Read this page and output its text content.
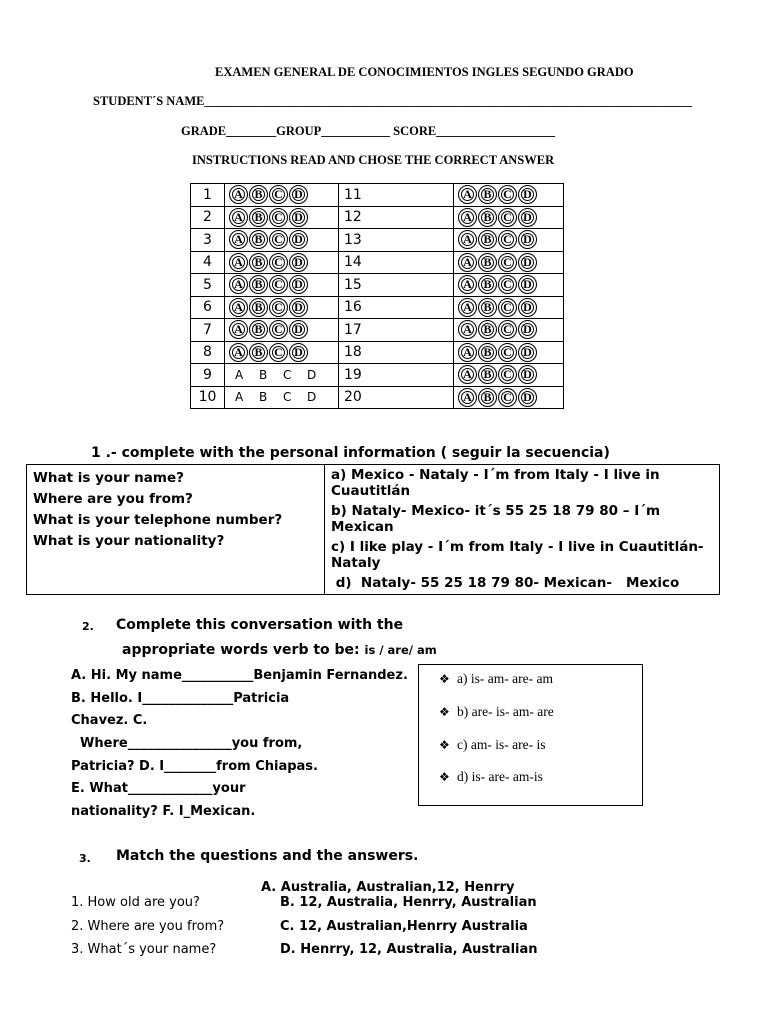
EXAMEN GENERAL DE CONOCIMIENTOS INGLES SEGUNDO GRADO
STUDENT´S NAME______________________________________________________________________________
GRADE________GROUP___________ SCORE___________________
INSTRUCTIONS READ AND CHOSE THE CORRECT ANSWER
1	A B C D	11	A B C D

2	A B C D	12	A B C D

3	A B C D	13	A B C D

4	A B C D	14	A B C D

5	A B C D	15	A B C D

6	A B C D	16	A B C D

7	A B C D	17	A B C D

8	A B C D	18	A B C D

9	A B C D	19	A B C D

10	A B C D	20	A B C D
1 .- complete with the personal information ( seguir la secuencia)
What is your name?
Where are you from?
What is your telephone number?
What is your nationality?
a) Mexico - Nataly - I´m from Italy - I live in Cuautitlán
b) Nataly- Mexico- it´s 55 25 18 79 80 – I´m Mexican
c) I like play - I´m from Italy - I live in Cuautitlán- Nataly
d)  Nataly- 55 25 18 79 80- Mexican-   Mexico
2. Complete this conversation with the
appropriate words verb to be: is / are/ am
A. Hi. My name___________Benjamin Fernandez.
B. Hello. I______________Patricia
Chavez. C.
Where________________you from,
Patricia? D. I________from Chiapas.
E. What_____________your
nationality? F. I_Mexican.
❖ a) is- am- are- am
❖ b) are- is- am- are
❖ c) am- is- are- is
❖ d) is- are- am-is
3. Match the questions and the answers.
1. How old are you?
2. Where are you from?
3. What´s your name?
A. Australia, Australian,12, Henrry
B. 12, Australia, Henrry, Australian
C. 12, Australian,Henrry Australia
D. Henrry, 12, Australia, Australian
